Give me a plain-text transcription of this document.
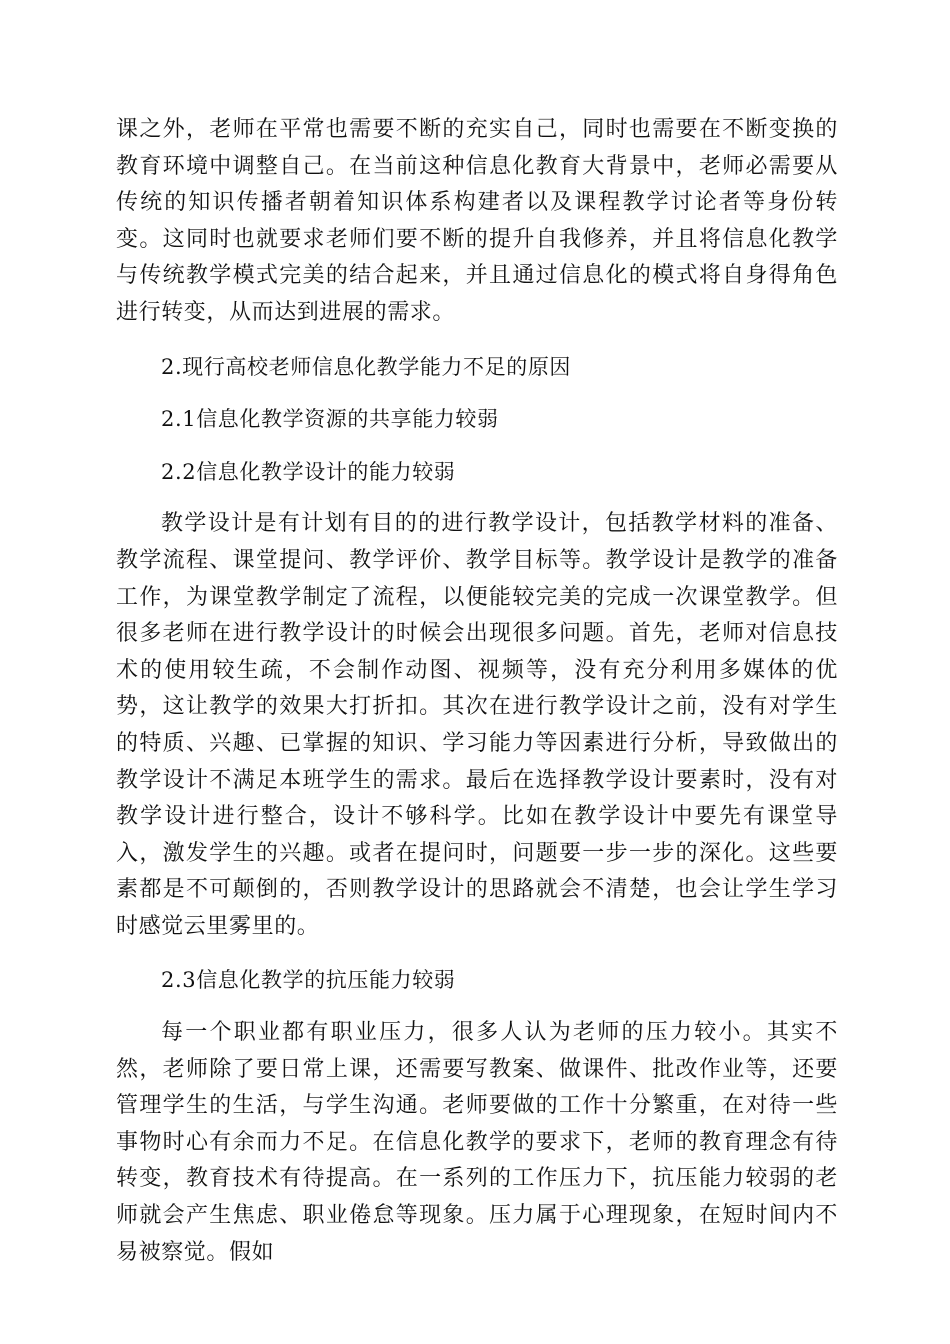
课之外，老师在平常也需要不断的充实自己，同时也需要在不断变换的教育环境中调整自己。在当前这种信息化教育大背景中，老师必需要从传统的知识传播者朝着知识体系构建者以及课程教学讨论者等身份转变。这同时也就要求老师们要不断的提升自我修养，并且将信息化教学与传统教学模式完美的结合起来，并且通过信息化的模式将自身得角色进行转变，从而达到进展的需求。

2.现行高校老师信息化教学能力不足的原因

2.1信息化教学资源的共享能力较弱

2.2信息化教学设计的能力较弱

教学设计是有计划有目的的进行教学设计，包括教学材料的准备、教学流程、课堂提问、教学评价、教学目标等。教学设计是教学的准备工作，为课堂教学制定了流程，以便能较完美的完成一次课堂教学。但很多老师在进行教学设计的时候会出现很多问题。首先，老师对信息技术的使用较生疏，不会制作动图、视频等，没有充分利用多媒体的优势，这让教学的效果大打折扣。其次在进行教学设计之前，没有对学生的特质、兴趣、已掌握的知识、学习能力等因素进行分析，导致做出的教学设计不满足本班学生的需求。最后在选择教学设计要素时，没有对教学设计进行整合，设计不够科学。比如在教学设计中要先有课堂导入，激发学生的兴趣。或者在提问时，问题要一步一步的深化。这些要素都是不可颠倒的，否则教学设计的思路就会不清楚，也会让学生学习时感觉云里雾里的。

2.3信息化教学的抗压能力较弱

每一个职业都有职业压力，很多人认为老师的压力较小。其实不然，老师除了要日常上课，还需要写教案、做课件、批改作业等，还要管理学生的生活，与学生沟通。老师要做的工作十分繁重，在对待一些事物时心有余而力不足。在信息化教学的要求下，老师的教育理念有待转变，教育技术有待提高。在一系列的工作压力下，抗压能力较弱的老师就会产生焦虑、职业倦怠等现象。压力属于心理现象，在短时间内不易被察觉。假如
